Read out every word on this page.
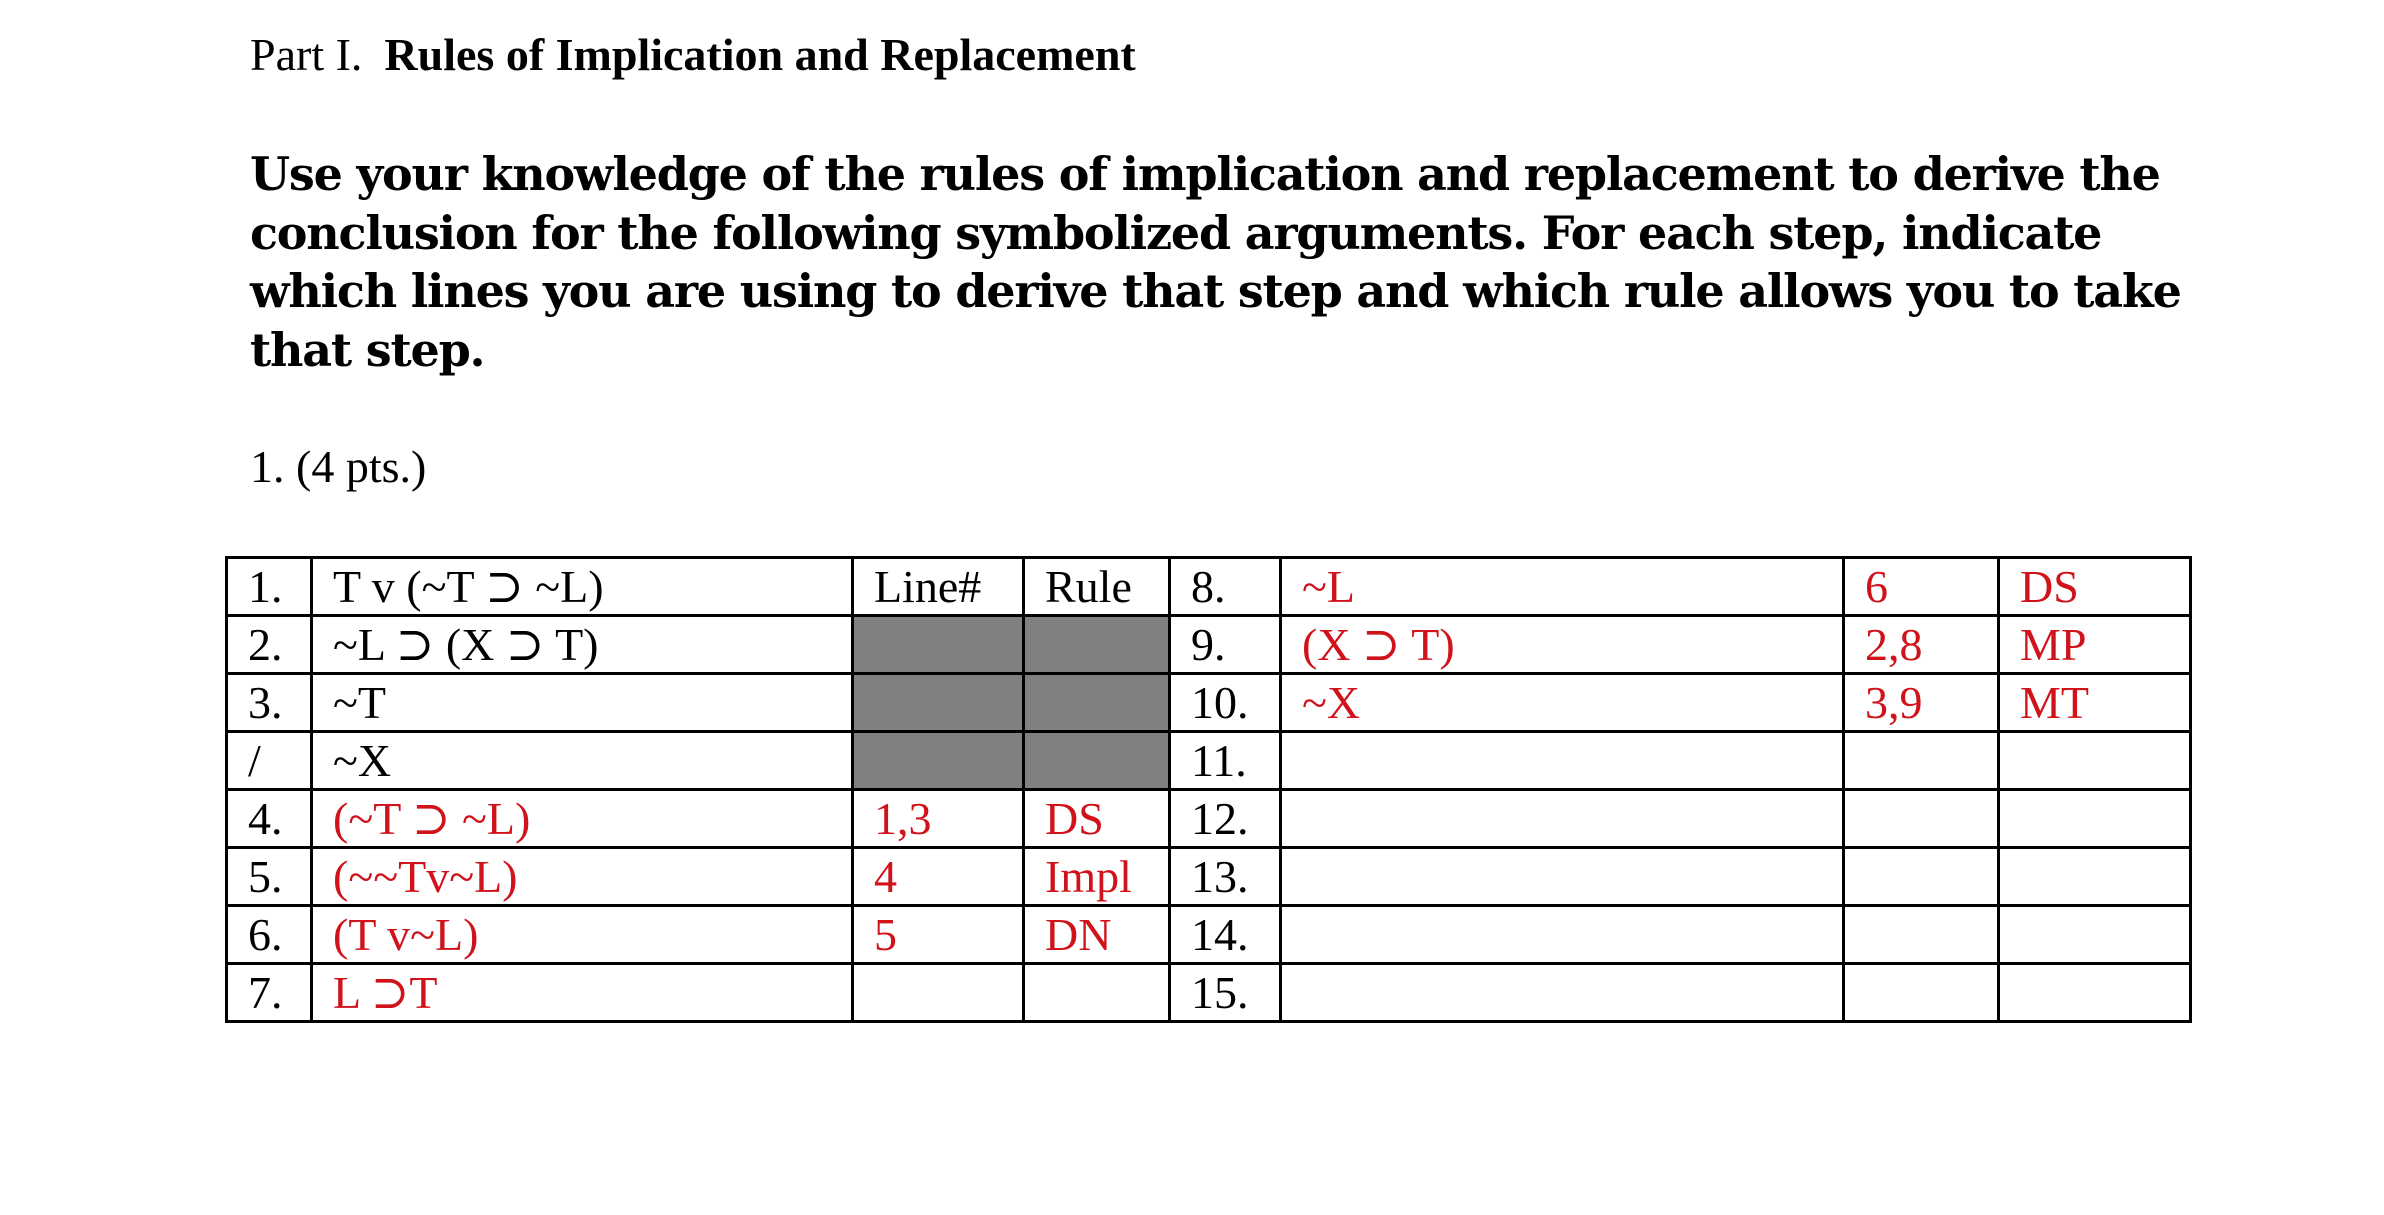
Part I. Rules of Implication and Replacement
Use your knowledge of the rules of implication and replacement to derive the conclusion for the following symbolized arguments. For each step, indicate which lines you are using to derive that step and which rule allows you to take that step.
1. (4 pts.)
1.	T v (~T ⊃ ~L)	Line#	Rule	8.	~L	6	DS
2.	~L ⊃ (X ⊃ T)			9.	(X ⊃ T)	2,8	MP
3.	~T			10.	~X	3,9	MT
/	~X			11.			
4.	(~T ⊃ ~L)	1,3	DS	12.			
5.	(~~Tv~L)	4	Impl	13.			
6.	(T v~L)	5	DN	14.			
7.	L ⊃T			15.			
